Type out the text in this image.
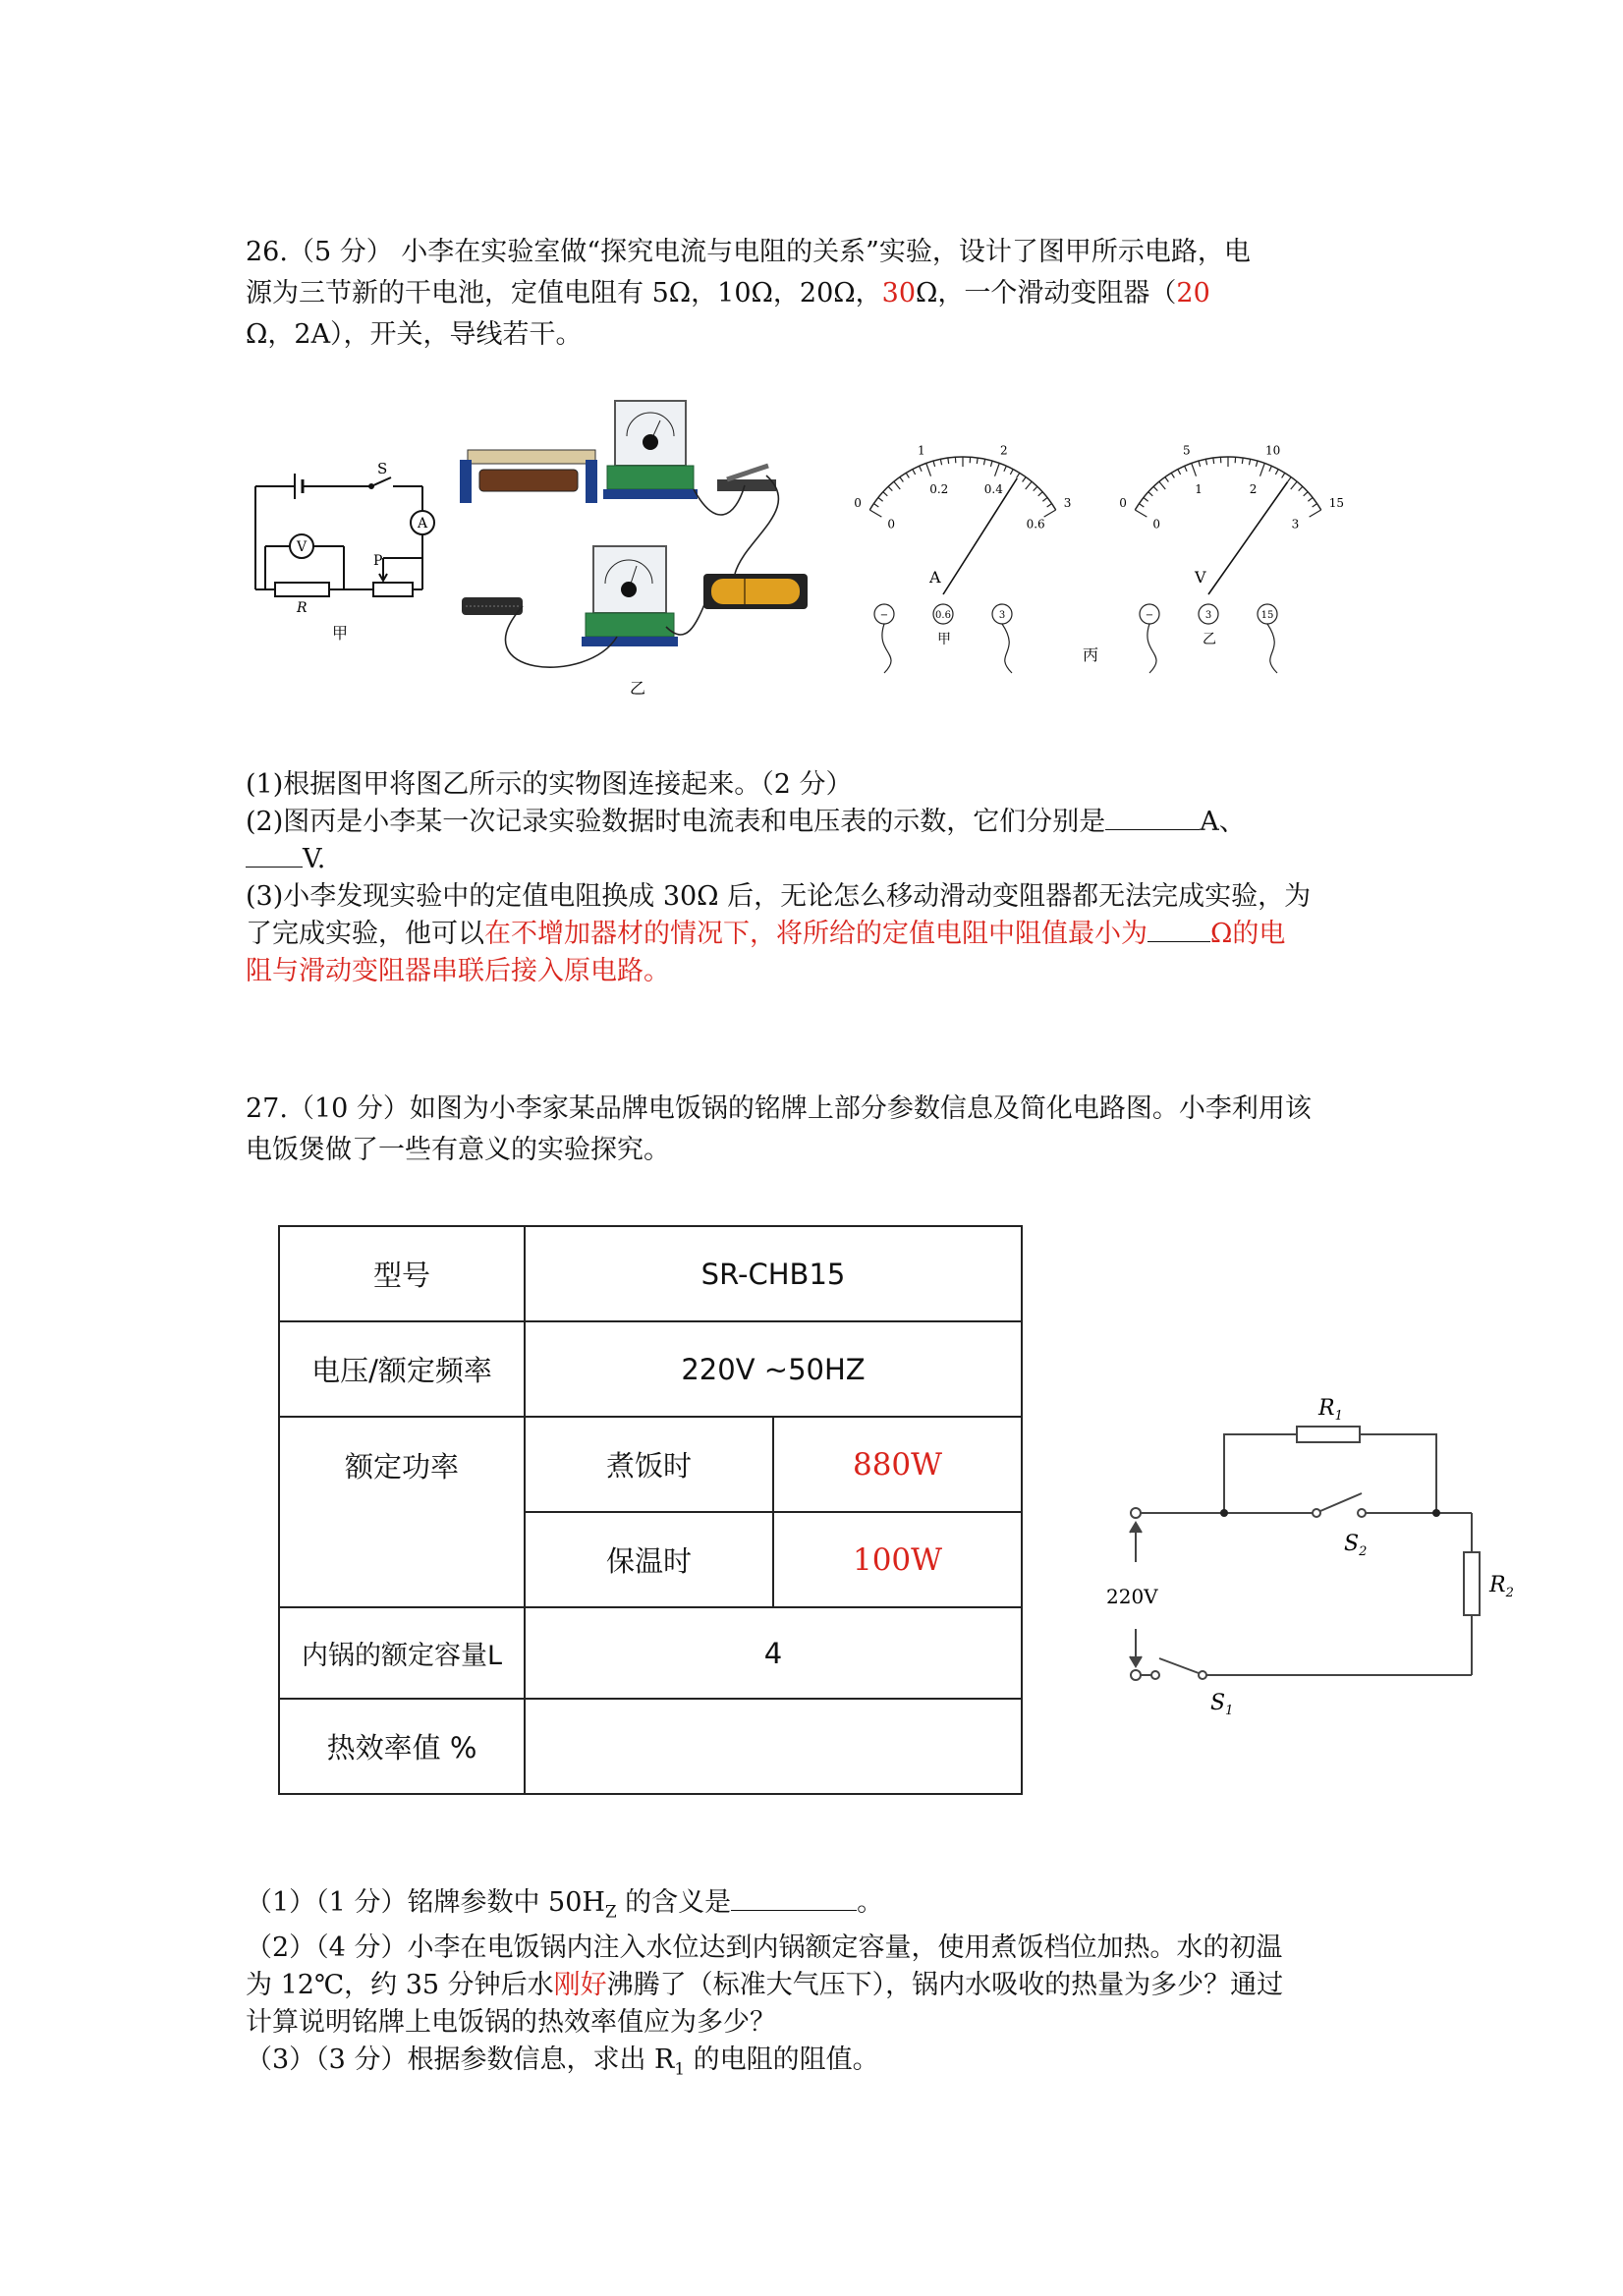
26.（5 分） 小李在实验室做“探究电流与电阻的关系”实验，设计了图甲所示电路，电
源为三节新的干电池，定值电阻有 5Ω，10Ω，20Ω，30Ω，一个滑动变阻器（20
Ω，2A），开关，导线若干。
S
A
V
R
P
甲
乙
0
1	2
3
0
0.2	0.4
0.6
A
−	0.6	3
甲
0
5	10
15
0
1	2
3
V
−	3	15
乙
丙
(1)根据图甲将图乙所示的实物图连接起来。（2 分）
(2)图丙是小李某一次记录实验数据时电流表和电压表的示数，它们分别是	A、
V.
(3)小李发现实验中的定值电阻换成 30Ω 后，无论怎么移动滑动变阻器都无法完成实验，为
了完成实验，他可以在不增加器材的情况下，将所给的定值电阻中阻值最小为 Ω的电
阻与滑动变阻器串联后接入原电路。
27.（10 分）如图为小李家某品牌电饭锅的铭牌上部分参数信息及简化电路图。小李利用该
电饭煲做了一些有意义的实验探究。
型号	SR-CHB15	
电压/额定频率	220V ~50HZ	
额定功率	煮饭时	880W
	保温时	100W
内锅的额定容量L	4	
热效率值 %		
$R_1$
$R_2$
$S_2$
$S_1$
220V
（1）（1 分）铭牌参数中 $50H_Z$ 的含义是	。
（2）（4 分）小李在电饭锅内注入水位达到内锅额定容量，使用煮饭档位加热。水的初温
为 12℃，约 35 分钟后水刚好沸腾了（标准大气压下），锅内水吸收的热量为多少？通过
计算说明铭牌上电饭锅的热效率值应为多少？
（3）（3 分）根据参数信息，求出 $R_1$ 的电阻的阻值。
